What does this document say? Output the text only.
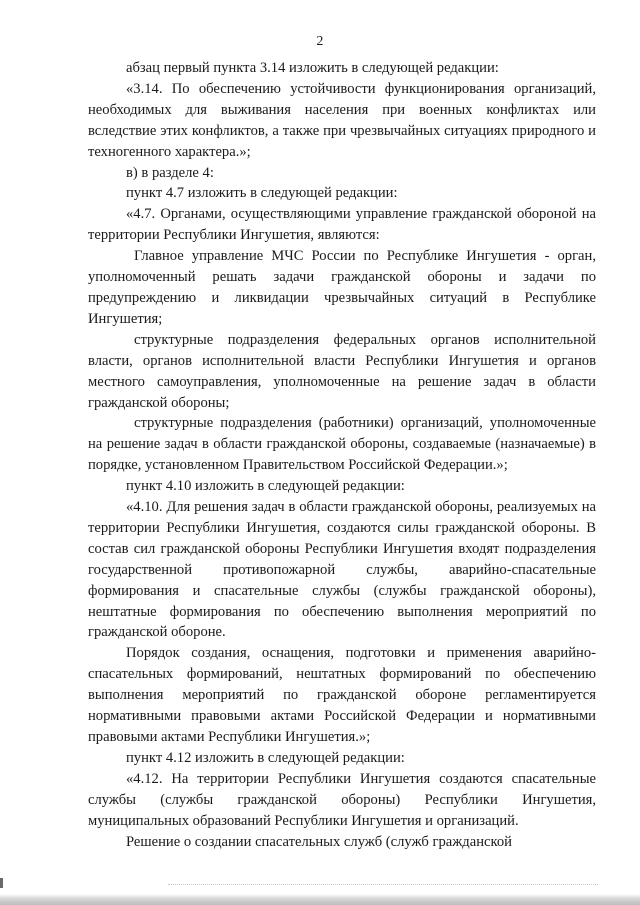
2

абзац первый пункта 3.14 изложить в следующей редакции:

«3.14. По обеспечению устойчивости функционирования организаций, необходимых для выживания населения при военных конфликтах или вследствие этих конфликтов, а также при чрезвычайных ситуациях природного и техногенного характера.»;

в) в разделе 4:

пункт 4.7 изложить в следующей редакции:

«4.7. Органами, осуществляющими управление гражданской обороной на территории Республики Ингушетия, являются:

Главное управление МЧС России по Республике Ингушетия - орган, уполномоченный решать задачи гражданской обороны и задачи по предупреждению и ликвидации чрезвычайных ситуаций в Республике Ингушетия;

структурные подразделения федеральных органов исполнительной власти, органов исполнительной власти Республики Ингушетия и органов местного самоуправления, уполномоченные на решение задач в области гражданской обороны;

структурные подразделения (работники) организаций, уполномоченные на решение задач в области гражданской обороны, создаваемые (назначаемые) в порядке, установленном Правительством Российской Федерации.»;

пункт 4.10 изложить в следующей редакции:

«4.10. Для решения задач в области гражданской обороны, реализуемых на территории Республики Ингушетия, создаются силы гражданской обороны. В состав сил гражданской обороны Республики Ингушетия входят подразделения государственной противопожарной службы, аварийно-спасательные формирования и спасательные службы (службы гражданской обороны), нештатные формирования по обеспечению выполнения мероприятий по гражданской обороне.

Порядок создания, оснащения, подготовки и применения аварийно-спасательных формирований, нештатных формирований по обеспечению выполнения мероприятий по гражданской обороне регламентируется нормативными правовыми актами Российской Федерации и нормативными правовыми актами Республики Ингушетия.»;

пункт 4.12 изложить в следующей редакции:

«4.12. На территории Республики Ингушетия создаются спасательные службы (службы гражданской обороны) Республики Ингушетия, муниципальных образований Республики Ингушетия и организаций.

Решение о создании спасательных служб (служб гражданской
